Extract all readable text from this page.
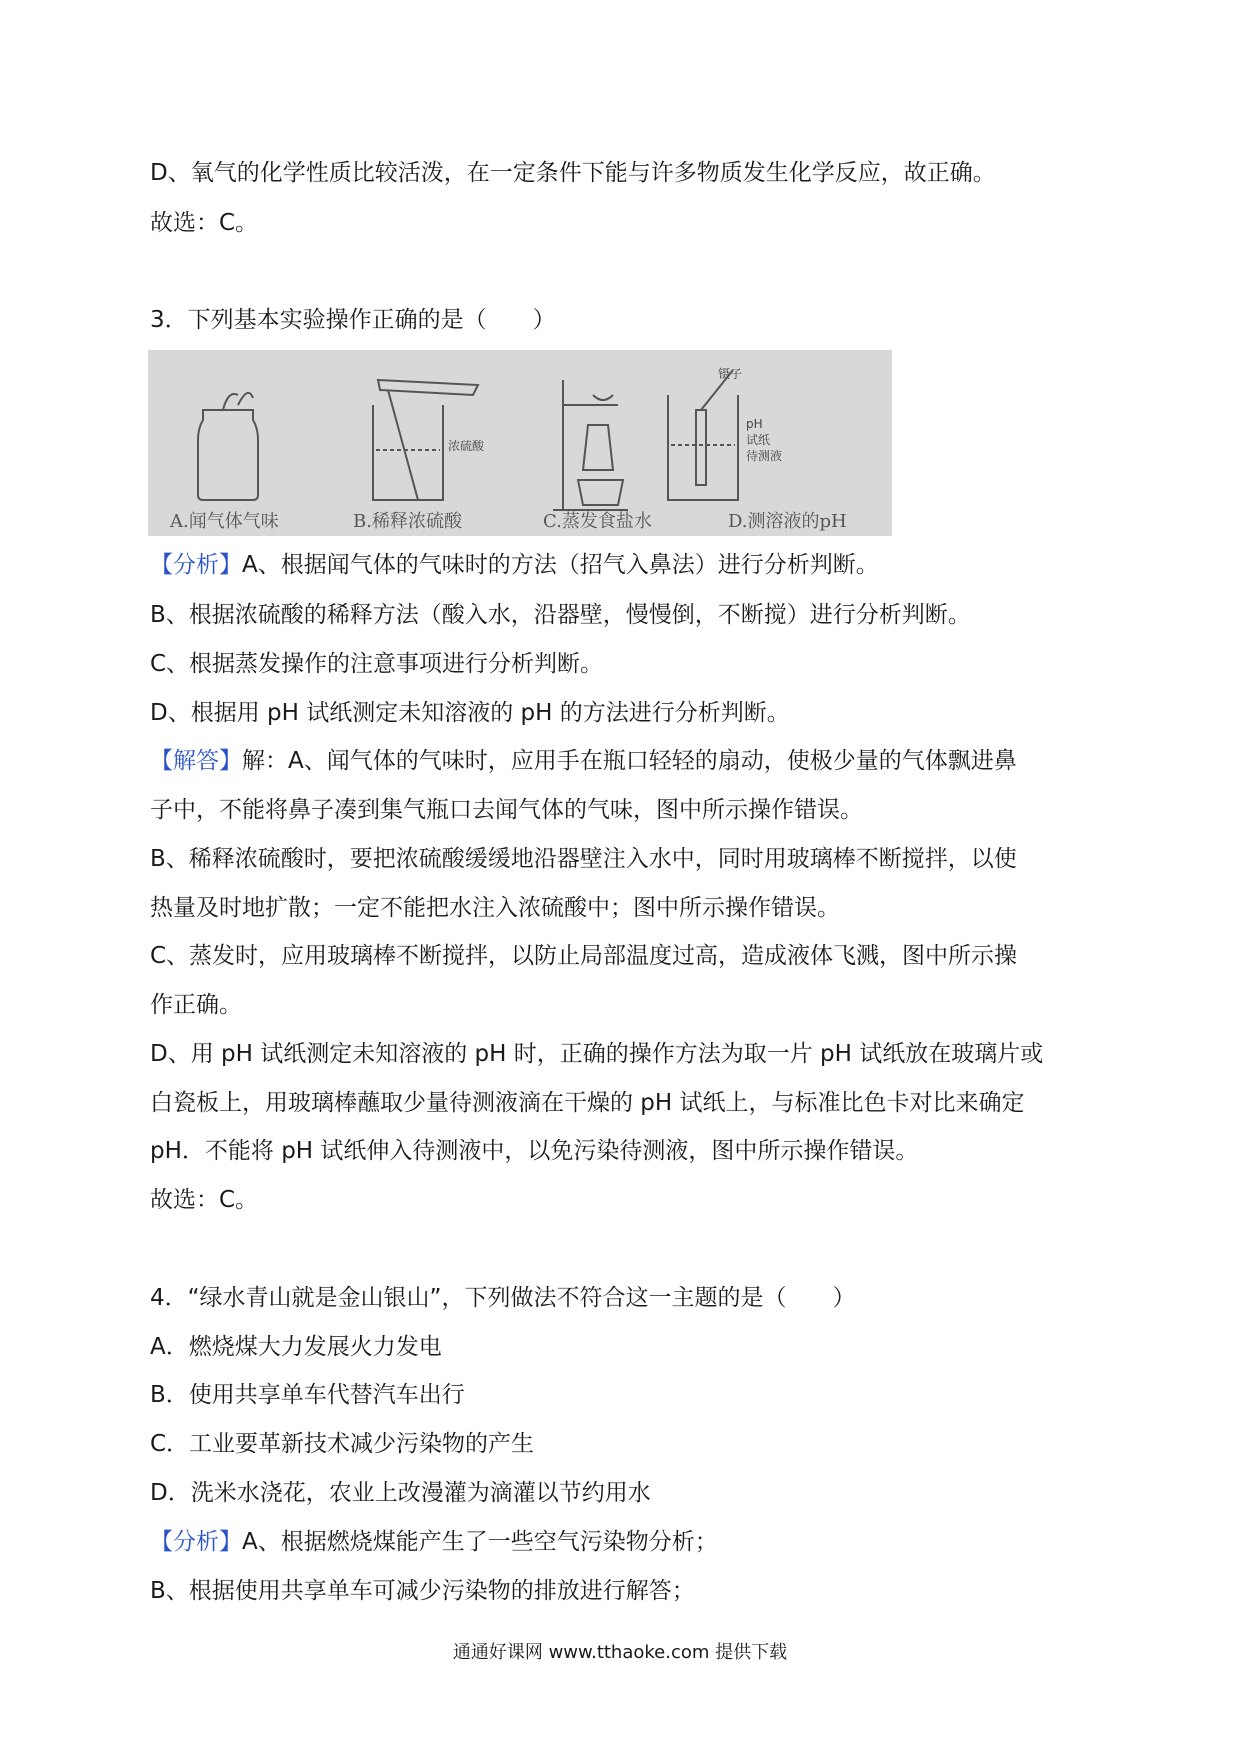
D、氧气的化学性质比较活泼，在一定条件下能与许多物质发生化学反应，故正确。
故选：C。
3．下列基本实验操作正确的是（　　）
浓硫酸
镊子
pH
试纸
待测液
A.闻气体气味	B.稀释浓硫酸	C.蒸发食盐水	D.测溶液的pH
【分析】A、根据闻气体的气味时的方法（招气入鼻法）进行分析判断。
B、根据浓硫酸的稀释方法（酸入水，沿器壁，慢慢倒，不断搅）进行分析判断。
C、根据蒸发操作的注意事项进行分析判断。
D、根据用 pH 试纸测定未知溶液的 pH 的方法进行分析判断。
【解答】解：A、闻气体的气味时，应用手在瓶口轻轻的扇动，使极少量的气体飘进鼻
子中，不能将鼻子凑到集气瓶口去闻气体的气味，图中所示操作错误。
B、稀释浓硫酸时，要把浓硫酸缓缓地沿器壁注入水中，同时用玻璃棒不断搅拌，以使
热量及时地扩散；一定不能把水注入浓硫酸中；图中所示操作错误。
C、蒸发时，应用玻璃棒不断搅拌，以防止局部温度过高，造成液体飞溅，图中所示操
作正确。
D、用 pH 试纸测定未知溶液的 pH 时，正确的操作方法为取一片 pH 试纸放在玻璃片或
白瓷板上，用玻璃棒蘸取少量待测液滴在干燥的 pH 试纸上，与标准比色卡对比来确定
pH．不能将 pH 试纸伸入待测液中，以免污染待测液，图中所示操作错误。
故选：C。
4．“绿水青山就是金山银山”，下列做法不符合这一主题的是（　　）
A．燃烧煤大力发展火力发电
B．使用共享单车代替汽车出行
C．工业要革新技术减少污染物的产生
D．洗米水浇花，农业上改漫灌为滴灌以节约用水
【分析】A、根据燃烧煤能产生了一些空气污染物分析；
B、根据使用共享单车可减少污染物的排放进行解答；
通通好课网 www.tthaoke.com 提供下载
